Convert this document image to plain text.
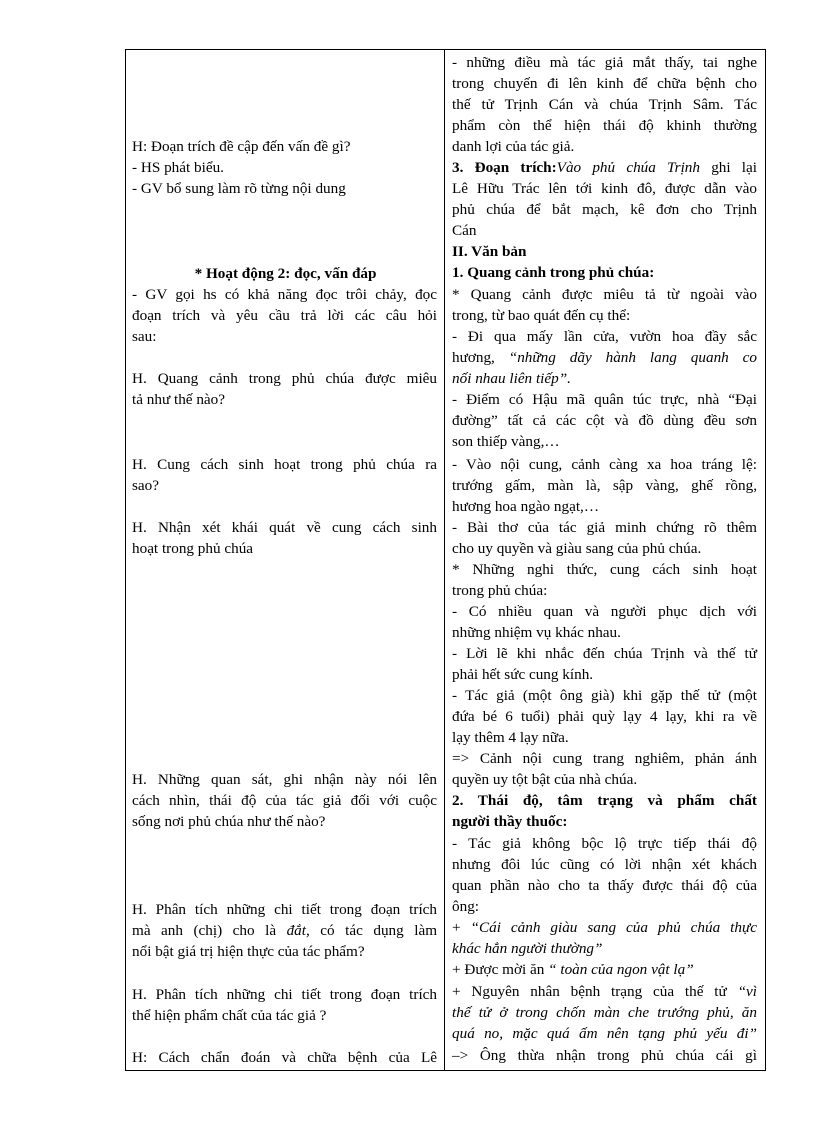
H: Đoạn trích đề cập đến vấn đề gì?
- HS phát biểu.
- GV bổ sung làm rõ từng nội dung
* Hoạt động 2: đọc, vấn đáp
- GV gọi hs có khả năng đọc trôi chảy, đọc
đoạn trích và yêu cầu trả lời các câu hỏi
sau:
H. Quang cảnh trong phủ chúa được miêu
tả như thế nào?
H. Cung cách sinh hoạt trong phủ chúa ra
sao?
H. Nhận xét khái quát về cung cách sinh
hoạt trong phủ chúa
H. Những quan sát, ghi nhận này nói lên
cách nhìn, thái độ của tác giả đối với cuộc
sống nơi phủ chúa như thế nào?
H. Phân tích những chi tiết trong đoạn trích
mà anh (chị) cho là đắt, có tác dụng làm
nổi bật giá trị hiện thực của tác phẩm?
H. Phân tích những chi tiết trong đoạn trích
thể hiện phẩm chất của tác giả ?
H: Cách chẩn đoán và chữa bệnh của Lê
- những điều mà tác giả mắt thấy, tai nghe
trong chuyến đi lên kinh để chữa bệnh cho
thế tử Trịnh Cán và chúa Trịnh Sâm. Tác
phẩm còn thể hiện thái độ khinh thường
danh lợi của tác giả.
3. Đoạn trích:Vào phủ chúa Trịnh ghi lại
Lê Hữu Trác lên tới kinh đô, được dẫn vào
phủ chúa để bắt mạch, kê đơn cho Trịnh
Cán
II. Văn bản
1. Quang cảnh trong phủ chúa:
* Quang cảnh được miêu tả từ ngoài vào
trong, từ bao quát đến cụ thể:
- Đi qua mấy lần cửa, vườn hoa đầy sắc
hương, “những dãy hành lang quanh co
nối nhau liên tiếp”.
- Điếm có Hậu mã quân túc trực, nhà “Đại
đường” tất cả các cột và đồ dùng đều sơn
son thiếp vàng,…
- Vào nội cung, cảnh càng xa hoa tráng lệ:
trướng gấm, màn là, sập vàng, ghế rồng,
hương hoa ngào ngạt,…
- Bài thơ của tác giả minh chứng rõ thêm
cho uy quyền và giàu sang của phủ chúa.
* Những nghi thức, cung cách sinh hoạt
trong phủ chúa:
- Có nhiều quan và người phục dịch với
những nhiệm vụ khác nhau.
- Lời lẽ khi nhắc đến chúa Trịnh và thế tử
phải hết sức cung kính.
- Tác giả (một ông già) khi gặp thế tử (một
đứa bé 6 tuổi) phải quỳ lạy 4 lạy, khi ra về
lạy thêm 4 lạy nữa.
=> Cảnh nội cung trang nghiêm, phản ánh
quyền uy tột bật của nhà chúa.
2. Thái độ, tâm trạng và phẩm chất
người thầy thuốc:
- Tác giả không bộc lộ trực tiếp thái độ
nhưng đôi lúc cũng có lời nhận xét khách
quan phần nào cho ta thấy được thái độ của
ông:
+ “Cái cảnh giàu sang của phủ chúa thực
khác hẳn người thường”
+ Được mời ăn “ toàn của ngon vật lạ”
+ Nguyên nhân bệnh trạng của thế tử “vì
thế tử ở trong chốn màn che trướng phủ, ăn
quá no, mặc quá ấm nên tạng phủ yếu đi”
–> Ông thừa nhận trong phủ chúa cái gì
